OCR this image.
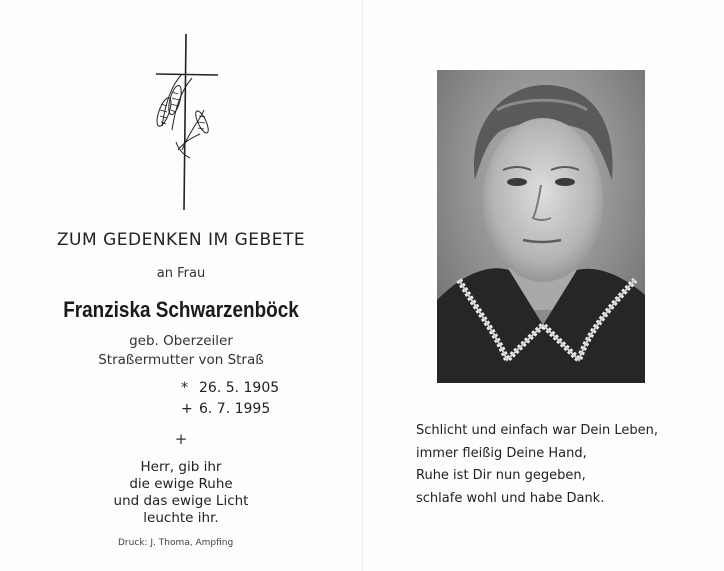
ZUM GEDENKEN IM GEBETE
an Frau
Franziska Schwarzenböck
geb. Oberzeiler
Straßermutter von Straß
* 26. 5. 1905
+ 6. 7. 1995
+
Herr, gib ihr
die ewige Ruhe
und das ewige Licht
leuchte ihr.
Druck: J. Thoma, Ampfing
Schlicht und einfach war Dein Leben,
immer fleißig Deine Hand,
Ruhe ist Dir nun gegeben,
schlafe wohl und habe Dank.
